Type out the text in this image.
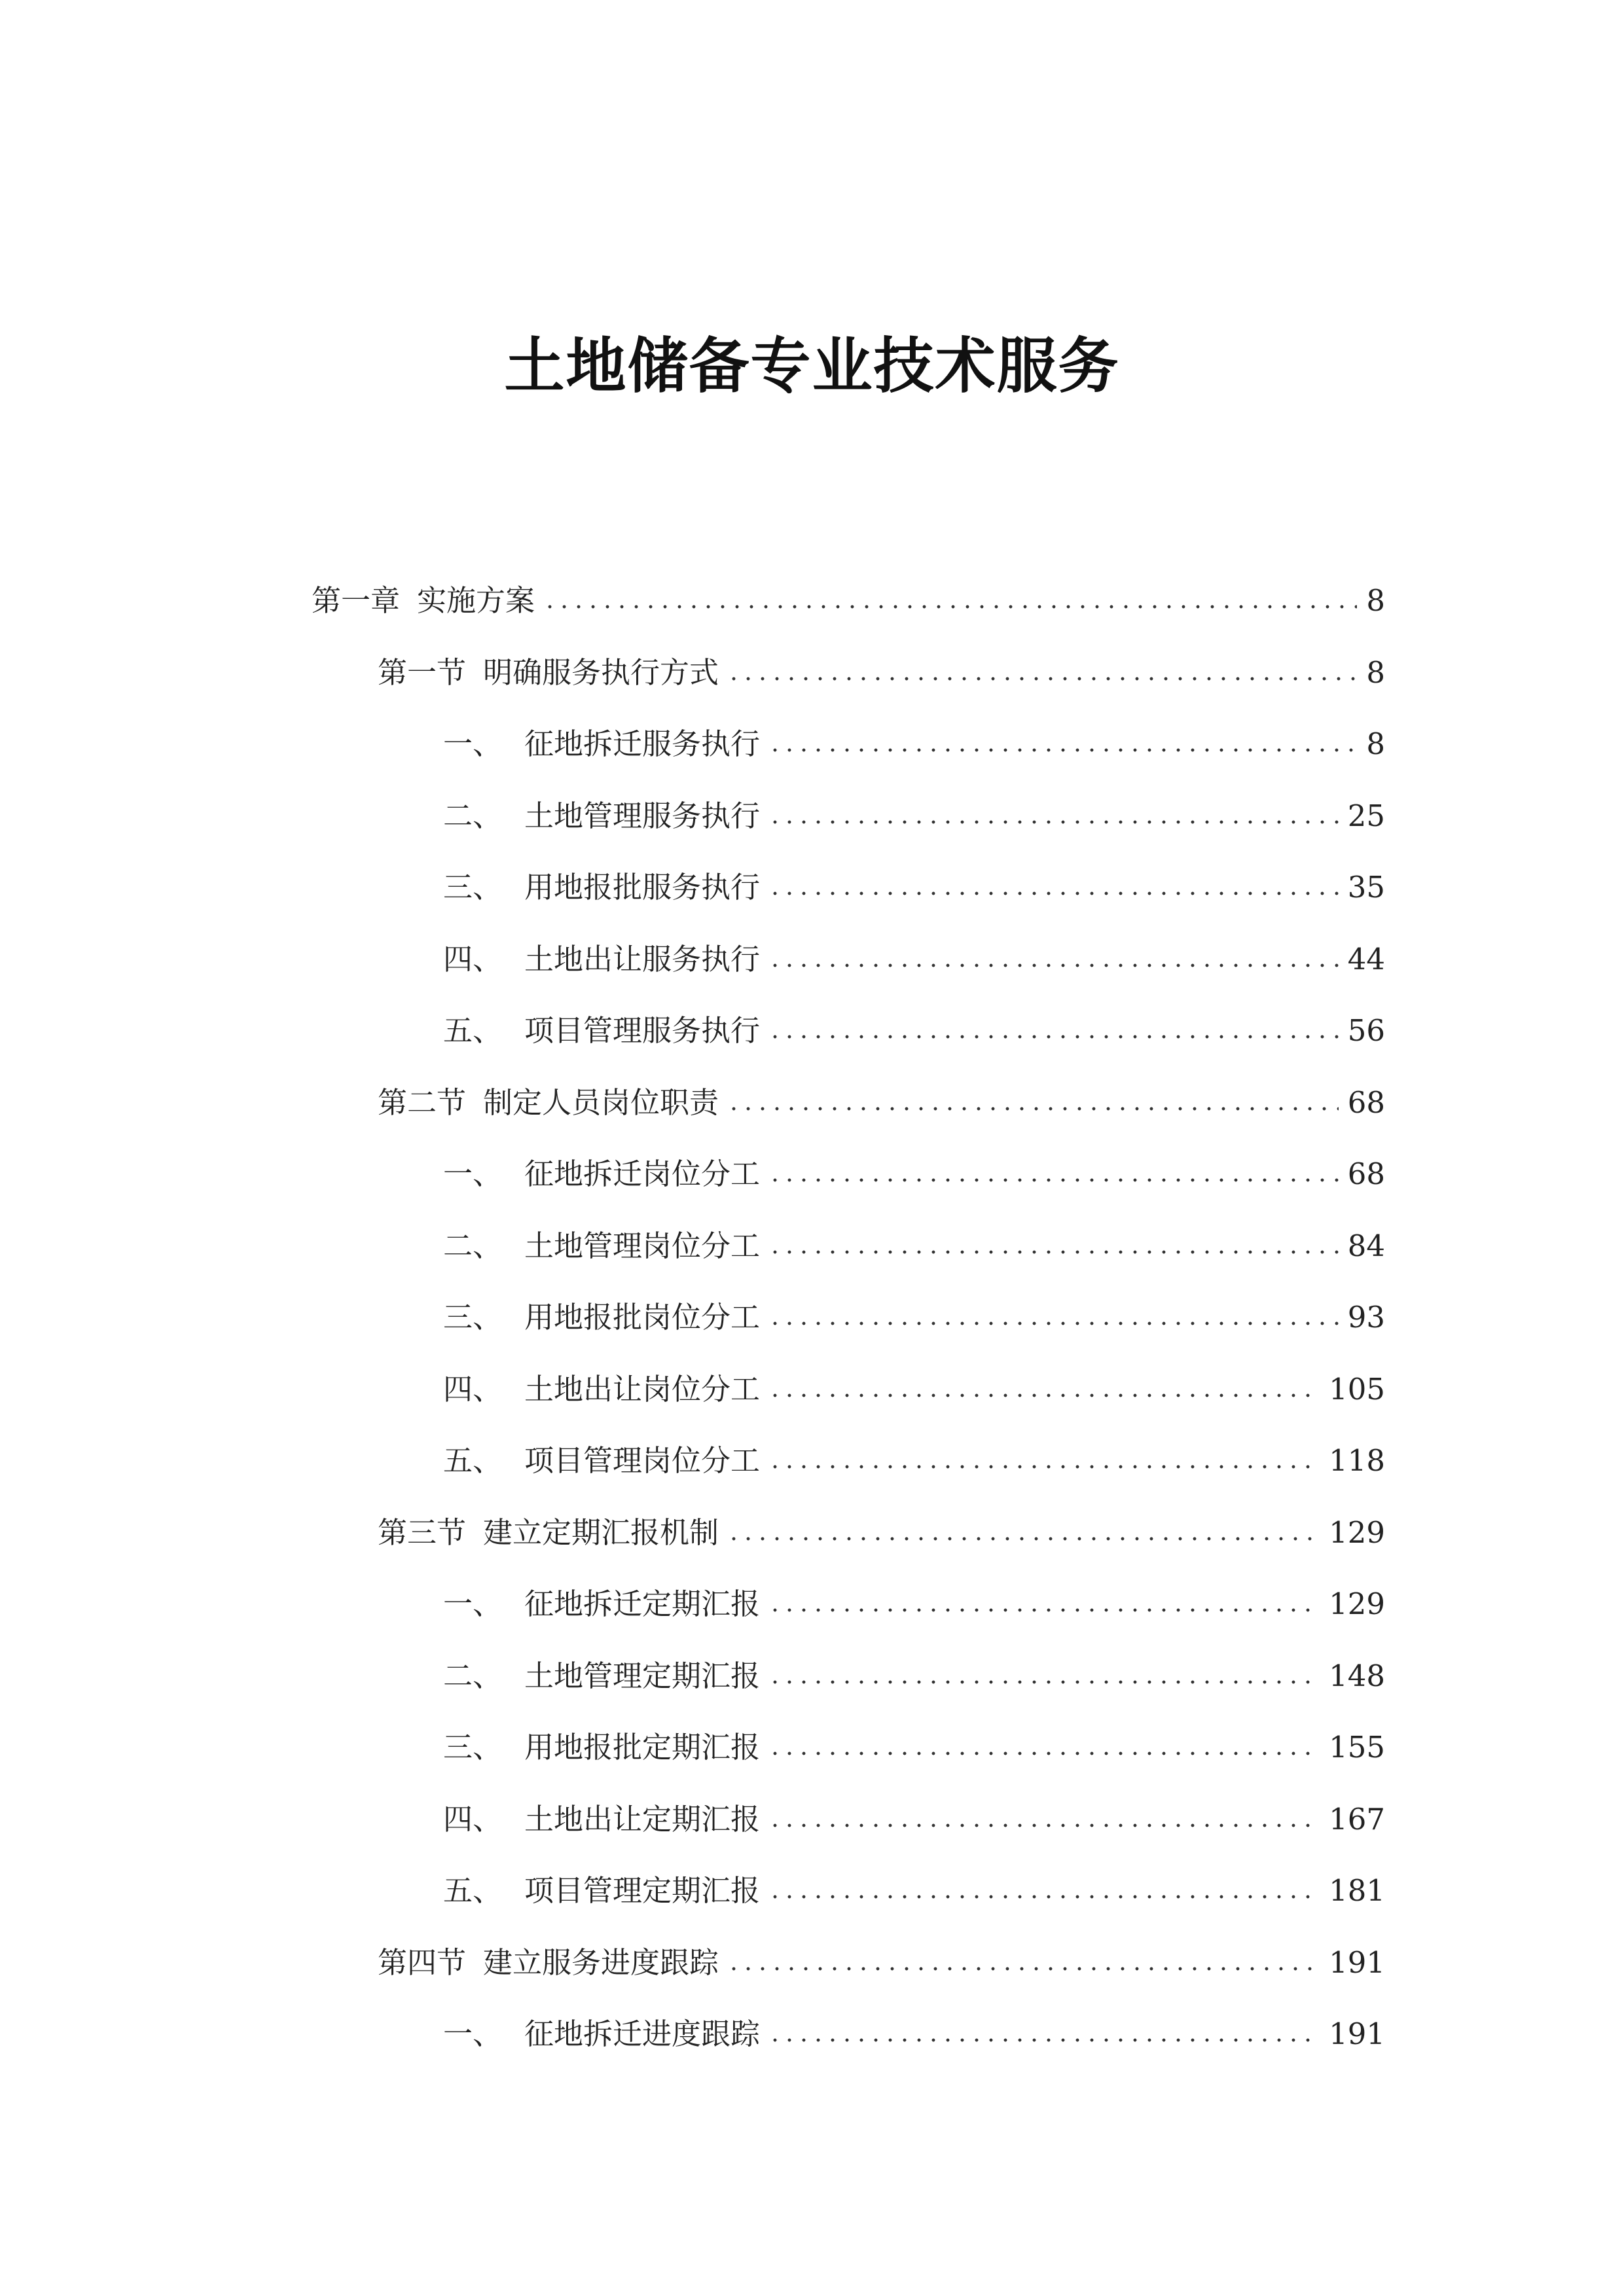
土地储备专业技术服务
第一章 实施方案	8
第一节 明确服务执行方式	8
一、 征地拆迁服务执行	8
二、 土地管理服务执行	25
三、 用地报批服务执行	35
四、 土地出让服务执行	44
五、 项目管理服务执行	56
第二节 制定人员岗位职责	68
一、 征地拆迁岗位分工	68
二、 土地管理岗位分工	84
三、 用地报批岗位分工	93
四、 土地出让岗位分工	105
五、 项目管理岗位分工	118
第三节 建立定期汇报机制	129
一、 征地拆迁定期汇报	129
二、 土地管理定期汇报	148
三、 用地报批定期汇报	155
四、 土地出让定期汇报	167
五、 项目管理定期汇报	181
第四节 建立服务进度跟踪	191
一、 征地拆迁进度跟踪	191
